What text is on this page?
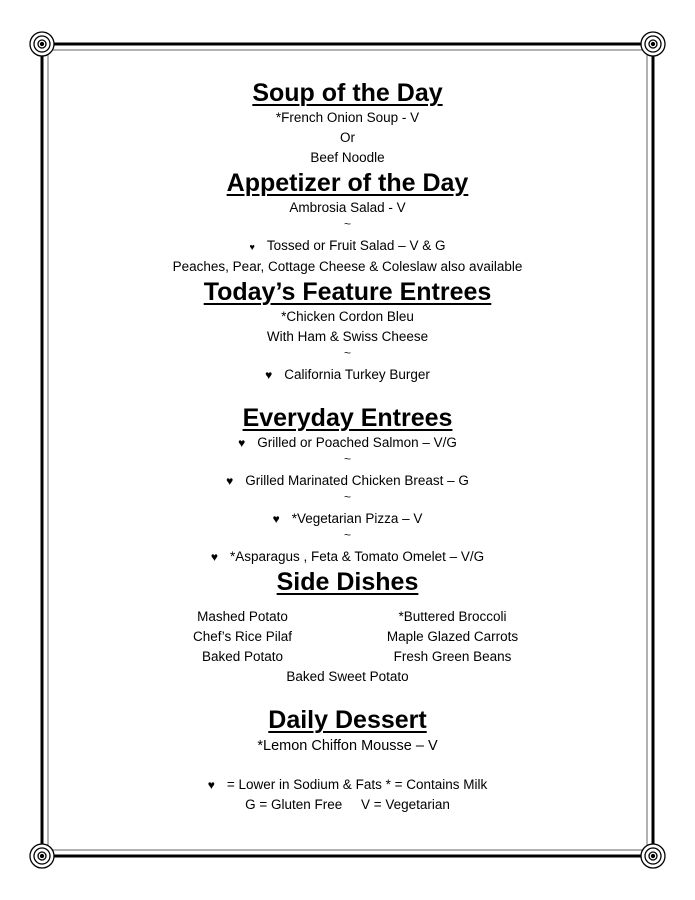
Soup of the Day

*French Onion Soup - V

Or

Beef Noodle

Appetizer of the Day

Ambrosia Salad - V

~

♥ Tossed or Fruit Salad – V & G

Peaches, Pear, Cottage Cheese & Coleslaw also available

Today’s Feature Entrees

*Chicken Cordon Bleu

With Ham & Swiss Cheese

~

♥ California Turkey Burger

Everyday Entrees

♥ Grilled or Poached Salmon – V/G

~

♥ Grilled Marinated Chicken Breast – G

~

♥ *Vegetarian Pizza – V

~

♥ *Asparagus , Feta & Tomato Omelet – V/G

Side Dishes

Mashed Potato

Chef’s Rice Pilaf

Baked Potato

*Buttered Broccoli

Maple Glazed Carrots

Fresh Green Beans

Baked Sweet Potato

Daily Dessert

*Lemon Chiffon Mousse – V

♥ = Lower in Sodium & Fats * = Contains Milk

G = Gluten Free     V = Vegetarian
